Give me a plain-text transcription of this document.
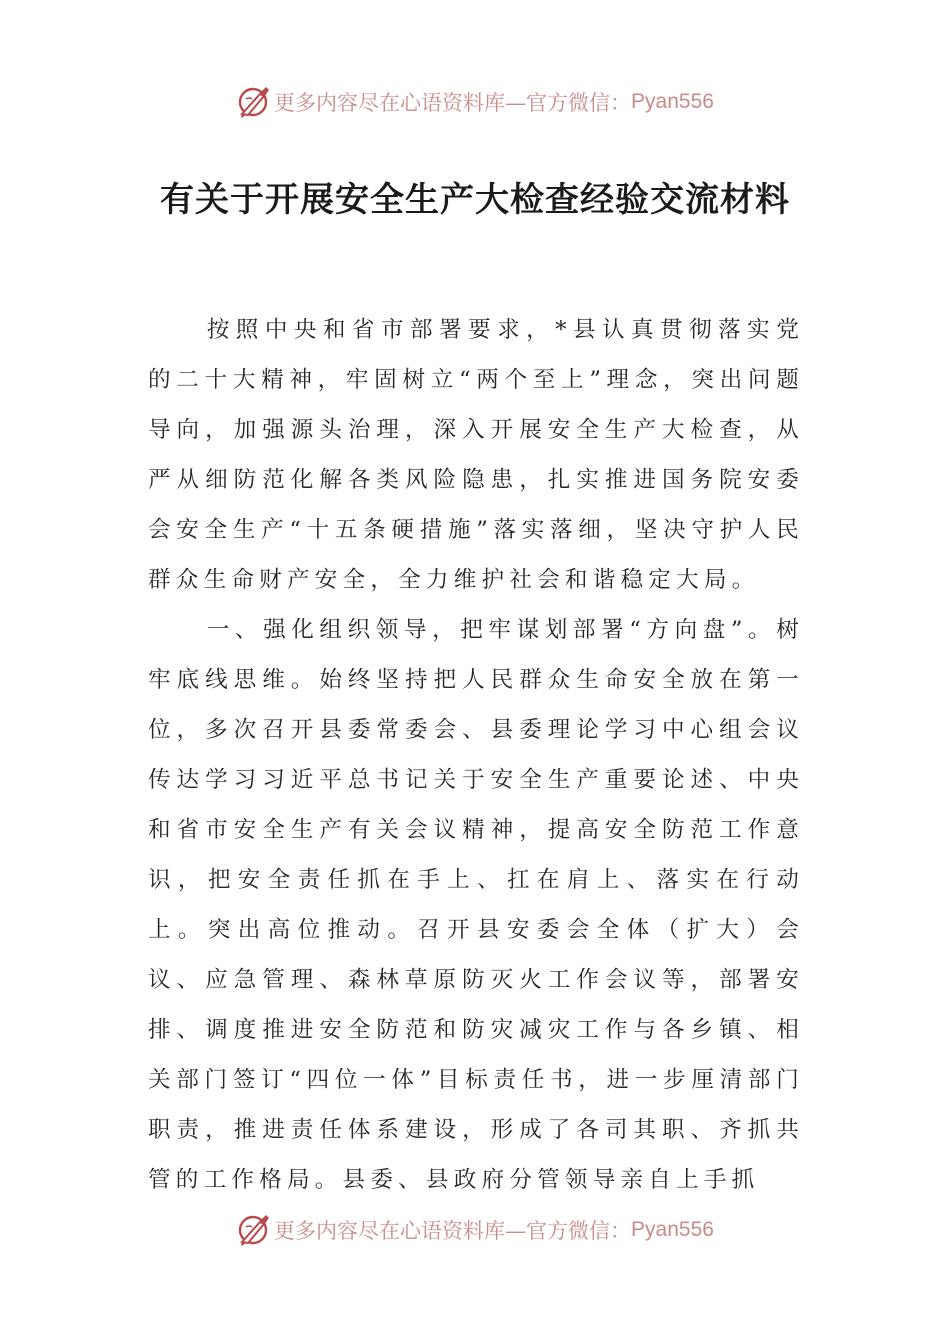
更多内容尽在心语资料库— 官方微信： Pyan556
有关于开展安全生产大检查经验交流材料

按照中央和省市部署要求，*县认真贯彻落实党的二十大精神，牢固树立“两个至上”理念，突出问题导向，加强源头治理，深入开展安全生产大检查，从严从细防范化解各类风险隐患，扎实推进国务院安委会安全生产“十五条硬措施”落实落细，坚决守护人民群众生命财产安全，全力维护社会和谐稳定大局。

一、强化组织领导，把牢谋划部署“方向盘”。树牢底线思维。始终坚持把人民群众生命安全放在第一位，多次召开县委常委会、县委理论学习中心组会议传达学习习近平总书记关于安全生产重要论述、中央和省市安全生产有关会议精神，提高安全防范工作意识，把安全责任抓在手上、扛在肩上、落实在行动上。突出高位推动。召开县安委会全体（扩大）会议、应急管理、森林草原防灭火工作会议等，部署安排、调度推进安全防范和防灾减灾工作与各乡镇、相关部门签订“四位一体”目标责任书，进一步厘清部门职责，推进责任体系建设，形成了各司其职、齐抓共管的工作格局。县委、县政府分管领导亲自上手抓

更多内容尽在心语资料库— 官方微信： Pyan556
